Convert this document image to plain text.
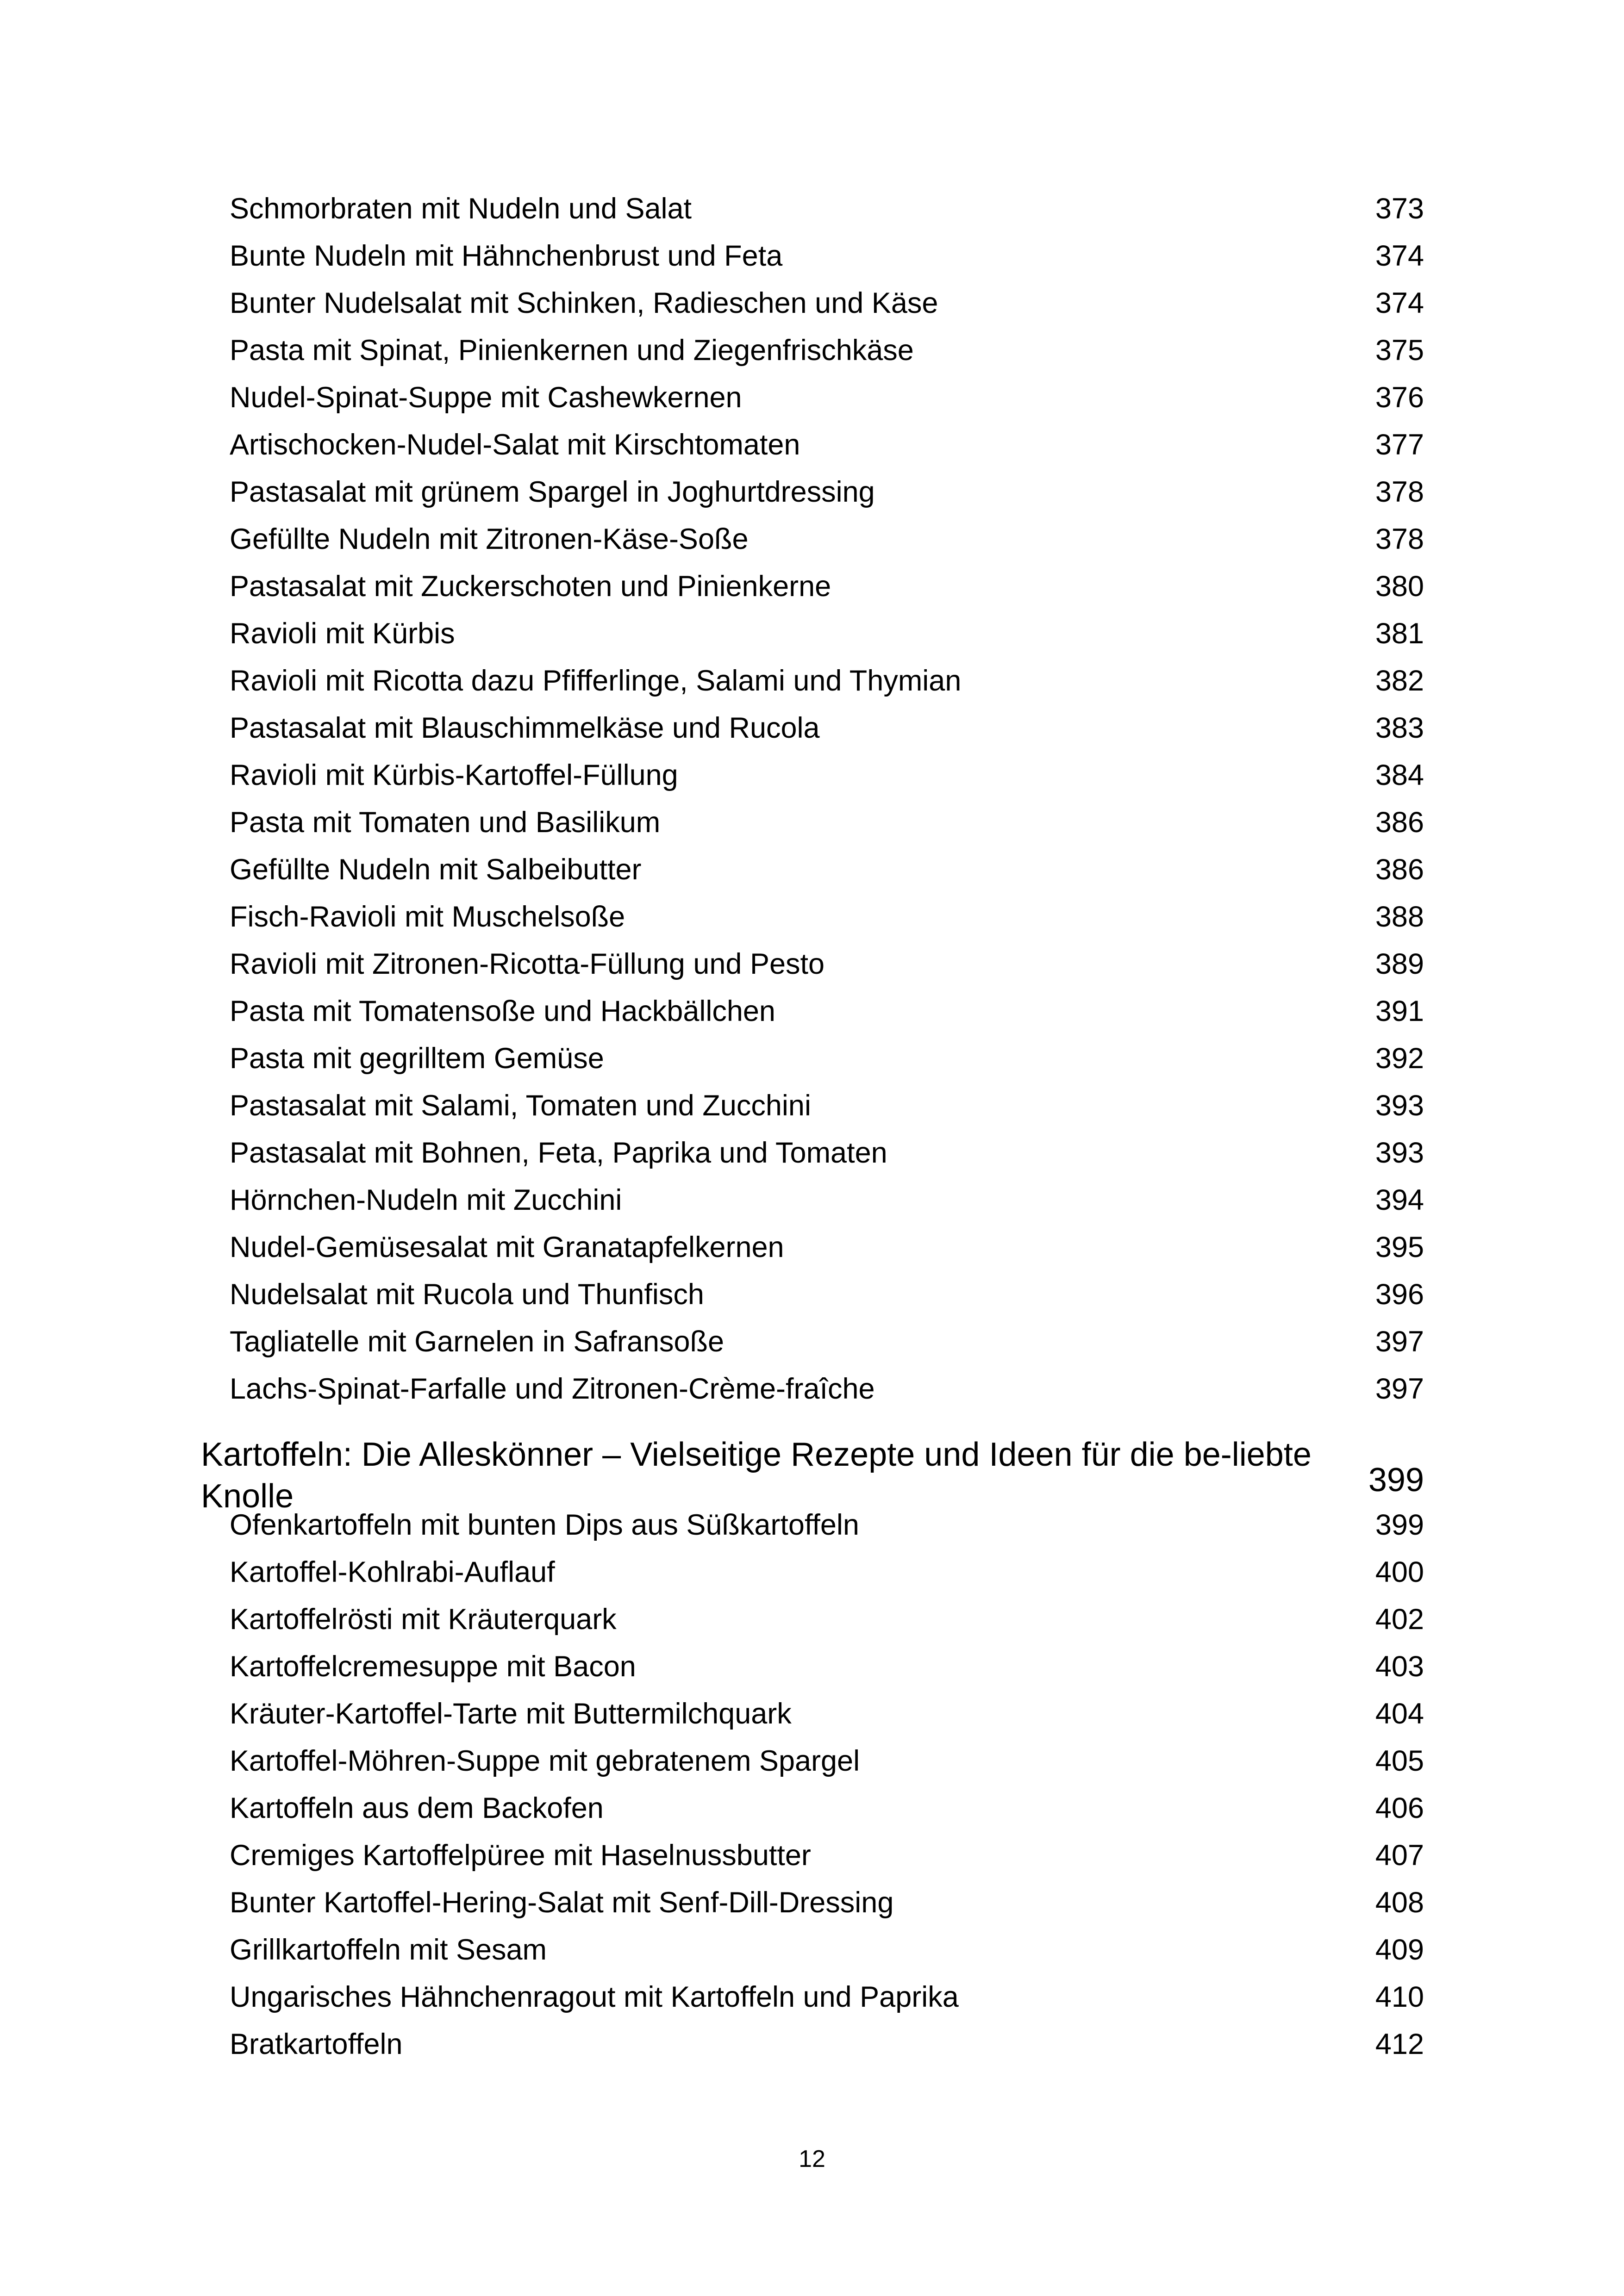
Schmorbraten mit Nudeln und Salat	373
Bunte Nudeln mit Hähnchenbrust und Feta	374
Bunter Nudelsalat mit Schinken, Radieschen und Käse	374
Pasta mit Spinat, Pinienkernen und Ziegenfrischkäse	375
Nudel-Spinat-Suppe mit Cashewkernen	376
Artischocken-Nudel-Salat mit Kirschtomaten	377
Pastasalat mit grünem Spargel in Joghurtdressing	378
Gefüllte Nudeln mit Zitronen-Käse-Soße	378
Pastasalat mit Zuckerschoten und Pinienkerne	380
Ravioli mit Kürbis	381
Ravioli mit Ricotta dazu Pfifferlinge, Salami und Thymian	382
Pastasalat mit Blauschimmelkäse und Rucola	383
Ravioli mit Kürbis-Kartoffel-Füllung	384
Pasta mit Tomaten und Basilikum	386
Gefüllte Nudeln mit Salbeibutter	386
Fisch-Ravioli mit Muschelsoße	388
Ravioli mit Zitronen-Ricotta-Füllung und Pesto	389
Pasta mit Tomatensoße und Hackbällchen	391
Pasta mit gegrilltem Gemüse	392
Pastasalat mit Salami, Tomaten und Zucchini	393
Pastasalat mit Bohnen, Feta, Paprika und Tomaten	393
Hörnchen-Nudeln mit Zucchini	394
Nudel-Gemüsesalat mit Granatapfelkernen	395
Nudelsalat mit Rucola und Thunfisch	396
Tagliatelle mit Garnelen in Safransoße	397
Lachs-Spinat-Farfalle und Zitronen-Crème-fraîche	397
Kartoffeln: Die Alleskönner – Vielseitige Rezepte und Ideen für die be-liebte Knolle	399
Ofenkartoffeln mit bunten Dips aus Süßkartoffeln	399
Kartoffel-Kohlrabi-Auflauf	400
Kartoffelrösti mit Kräuterquark	402
Kartoffelcremesuppe mit Bacon	403
Kräuter-Kartoffel-Tarte mit Buttermilchquark	404
Kartoffel-Möhren-Suppe mit gebratenem Spargel	405
Kartoffeln aus dem Backofen	406
Cremiges Kartoffelpüree mit Haselnussbutter	407
Bunter Kartoffel-Hering-Salat mit Senf-Dill-Dressing	408
Grillkartoffeln mit Sesam	409
Ungarisches Hähnchenragout mit Kartoffeln und Paprika	410
Bratkartoffeln	412
12
